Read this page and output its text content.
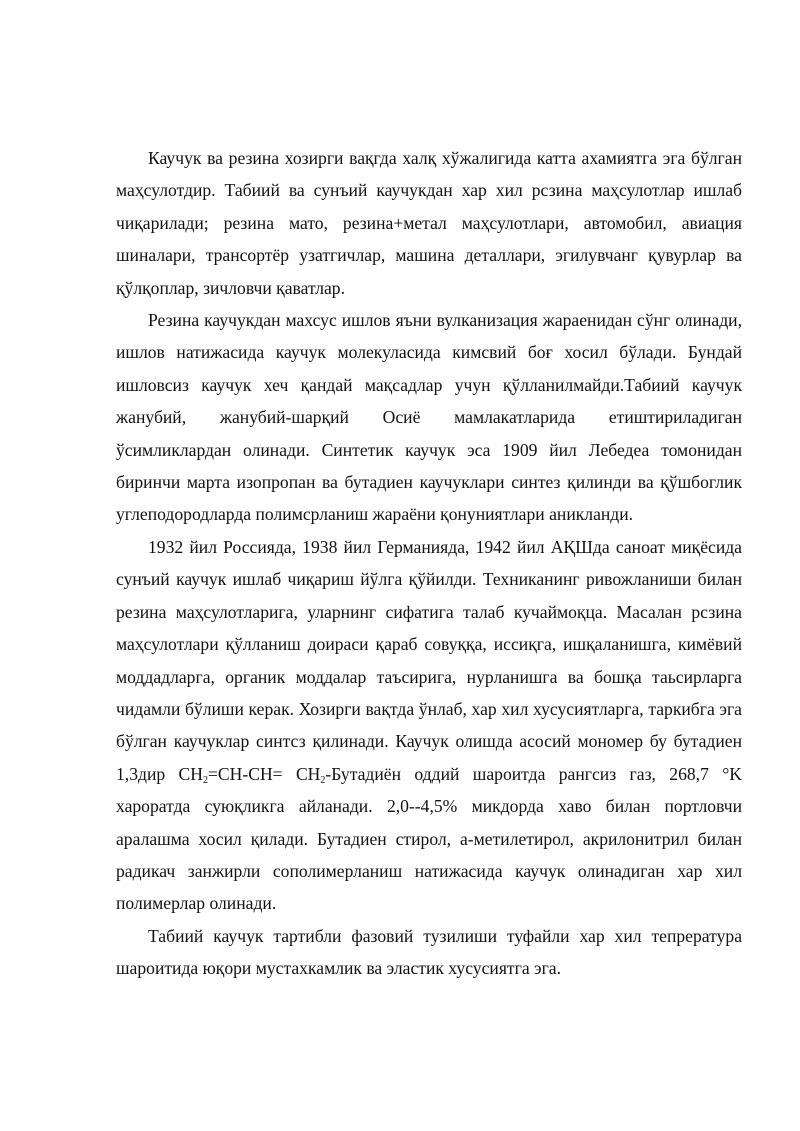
Каучук ва резина хозирги вақгда халқ хўжалигида катта ахамиятга эга бўлган маҳсулотдир. Табиий ва сунъий каучукдан хар хил рсзина маҳсулотлар ишлаб чиқарилади; резина мато, резина+метал маҳсулотлари, автомобил, авиация шиналари, трансортёр узатгичлар, машина деталлари, эгилувчанг қувурлар ва қўлқоплар, зичловчи қаватлар.

Резина каучукдан махсус ишлов яъни вулканизация жараенидан сўнг олинади, ишлов натижасида каучук молекуласида кимсвий боғ хосил бўлади. Бундай ишловсиз каучук хеч қандай мақсадлар учун қўлланилмайди.Табиий каучук жанубий, жанубий-шарқий Осиё мамлакатларида етиштириладиган ўсимликлардан олинади. Синтетик каучук эса 1909 йил Лебедеа томонидан биринчи марта изопропан ва бутадиен каучуклари синтез қилинди ва қўшбоглик углеподородларда полимсрланиш жараёни қонуниятлари аникланди.

1932 йил Россияда, 1938 йил Германияда, 1942 йил АҚШда саноат миқёсида сунъий каучук ишлаб чиқариш йўлга қўйилди. Техниканинг ривожланиши билан резина маҳсулотларига, уларнинг сифатига талаб кучаймоқца. Масалан рсзина маҳсулотлари қўлланиш доираси қараб совуққа, иссиқга, ишқаланишга, кимёвий моддадларга, органик моддалар таъсирига, нурланишга ва бошқа таьсирларга чидамли бўлиши керак. Хозирги вақтда ўнлаб, хар хил хусусиятларга, таркибга эга бўлган каучуклар синтсз қилинади. Каучук олишда асосий мономер бу бутадиен 1,3дир $CH_2=CH-CH=$ $CH_2$-Бутадиён оддий шароитда рангсиз газ, 268,7 °K хароратда суюқликга айланади. 2,0--4,5% микдорда хаво билан портловчи аралашма хосил қилади. Бутадиен стирол, а-метилетирол, акрилонитрил билан радикач занжирли сополимерланиш натижасида каучук олинадиган хар хил полимерлар олинади.

Табиий каучук тартибли фазовий тузилиши туфайли хар хил тепрература шароитида юқори мустахкамлик ва эластик хусусиятга эга.
